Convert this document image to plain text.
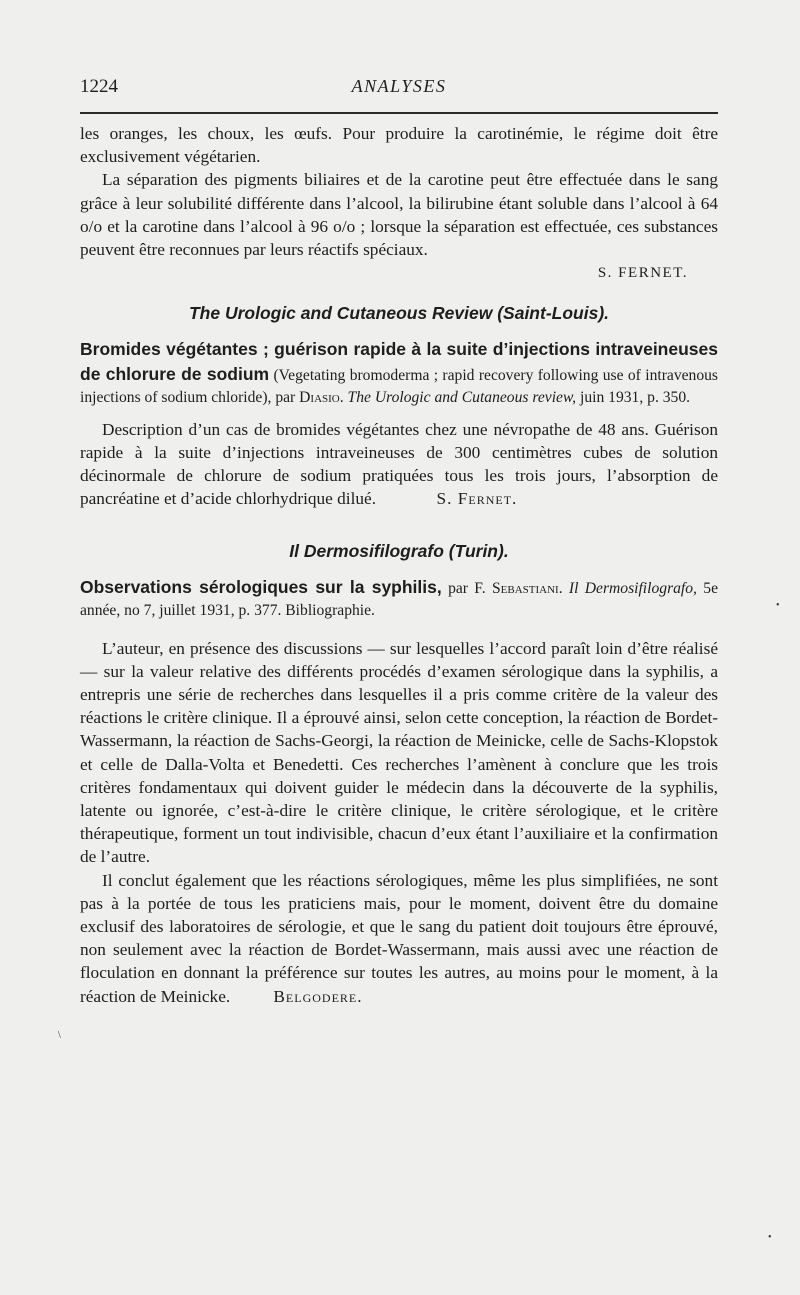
1224	ANALYSES

les oranges, les choux, les œufs. Pour produire la carotinémie, le régime doit être exclusivement végétarien.

La séparation des pigments biliaires et de la carotine peut être effectuée dans le sang grâce à leur solubilité différente dans l’alcool, la bilirubine étant soluble dans l’alcool à 64 o/o et la carotine dans l’alcool à 96 o/o ; lorsque la séparation est effectuée, ces substances peuvent être reconnues par leurs réactifs spéciaux.

S. FERNET.
The Urologic and Cutaneous Review (Saint-Louis).
Bromides végétantes ; guérison rapide à la suite d’injections intraveineuses de chlorure de sodium (Vegetating bromoderma ; rapid recovery following use of intravenous injections of sodium chloride), par Diasio. The Urologic and Cutaneous review, juin 1931, p. 350.

Description d’un cas de bromides végétantes chez une névropathe de 48 ans. Guérison rapide à la suite d’injections intraveineuses de 300 centimètres cubes de solution décinormale de chlorure de sodium pratiquées tous les trois jours, l’absorption de pancréatine et d’acide chlorhydrique dilué.	S. Fernet.

Il Dermosifilografo (Turin).
Observations sérologiques sur la syphilis, par F. Sebastiani. Il Dermosifilografo, 5e année, no 7, juillet 1931, p. 377. Bibliographie.

L’auteur, en présence des discussions — sur lesquelles l’accord paraît loin d’être réalisé — sur la valeur relative des différents procédés d’examen sérologique dans la syphilis, a entrepris une série de recherches dans lesquelles il a pris comme critère de la valeur des réactions le critère clinique. Il a éprouvé ainsi, selon cette conception, la réaction de Bordet-Wassermann, la réaction de Sachs-Georgi, la réaction de Meinicke, celle de Sachs-Klopstok et celle de Dalla-Volta et Benedetti. Ces recherches l’amènent à conclure que les trois critères fondamentaux qui doivent guider le médecin dans la découverte de la syphilis, latente ou ignorée, c’est-à-dire le critère clinique, le critère sérologique, et le critère thérapeutique, forment un tout indivisible, chacun d’eux étant l’auxiliaire et la confirmation de l’autre.

Il conclut également que les réactions sérologiques, même les plus simplifiées, ne sont pas à la portée de tous les praticiens mais, pour le moment, doivent être du domaine exclusif des laboratoires de sérologie, et que le sang du patient doit toujours être éprouvé, non seulement avec la réaction de Bordet-Wassermann, mais aussi avec une réaction de floculation en donnant la préférence sur toutes les autres, au moins pour le moment, à la réaction de Meinicke. Belgodere.

•
\
•
